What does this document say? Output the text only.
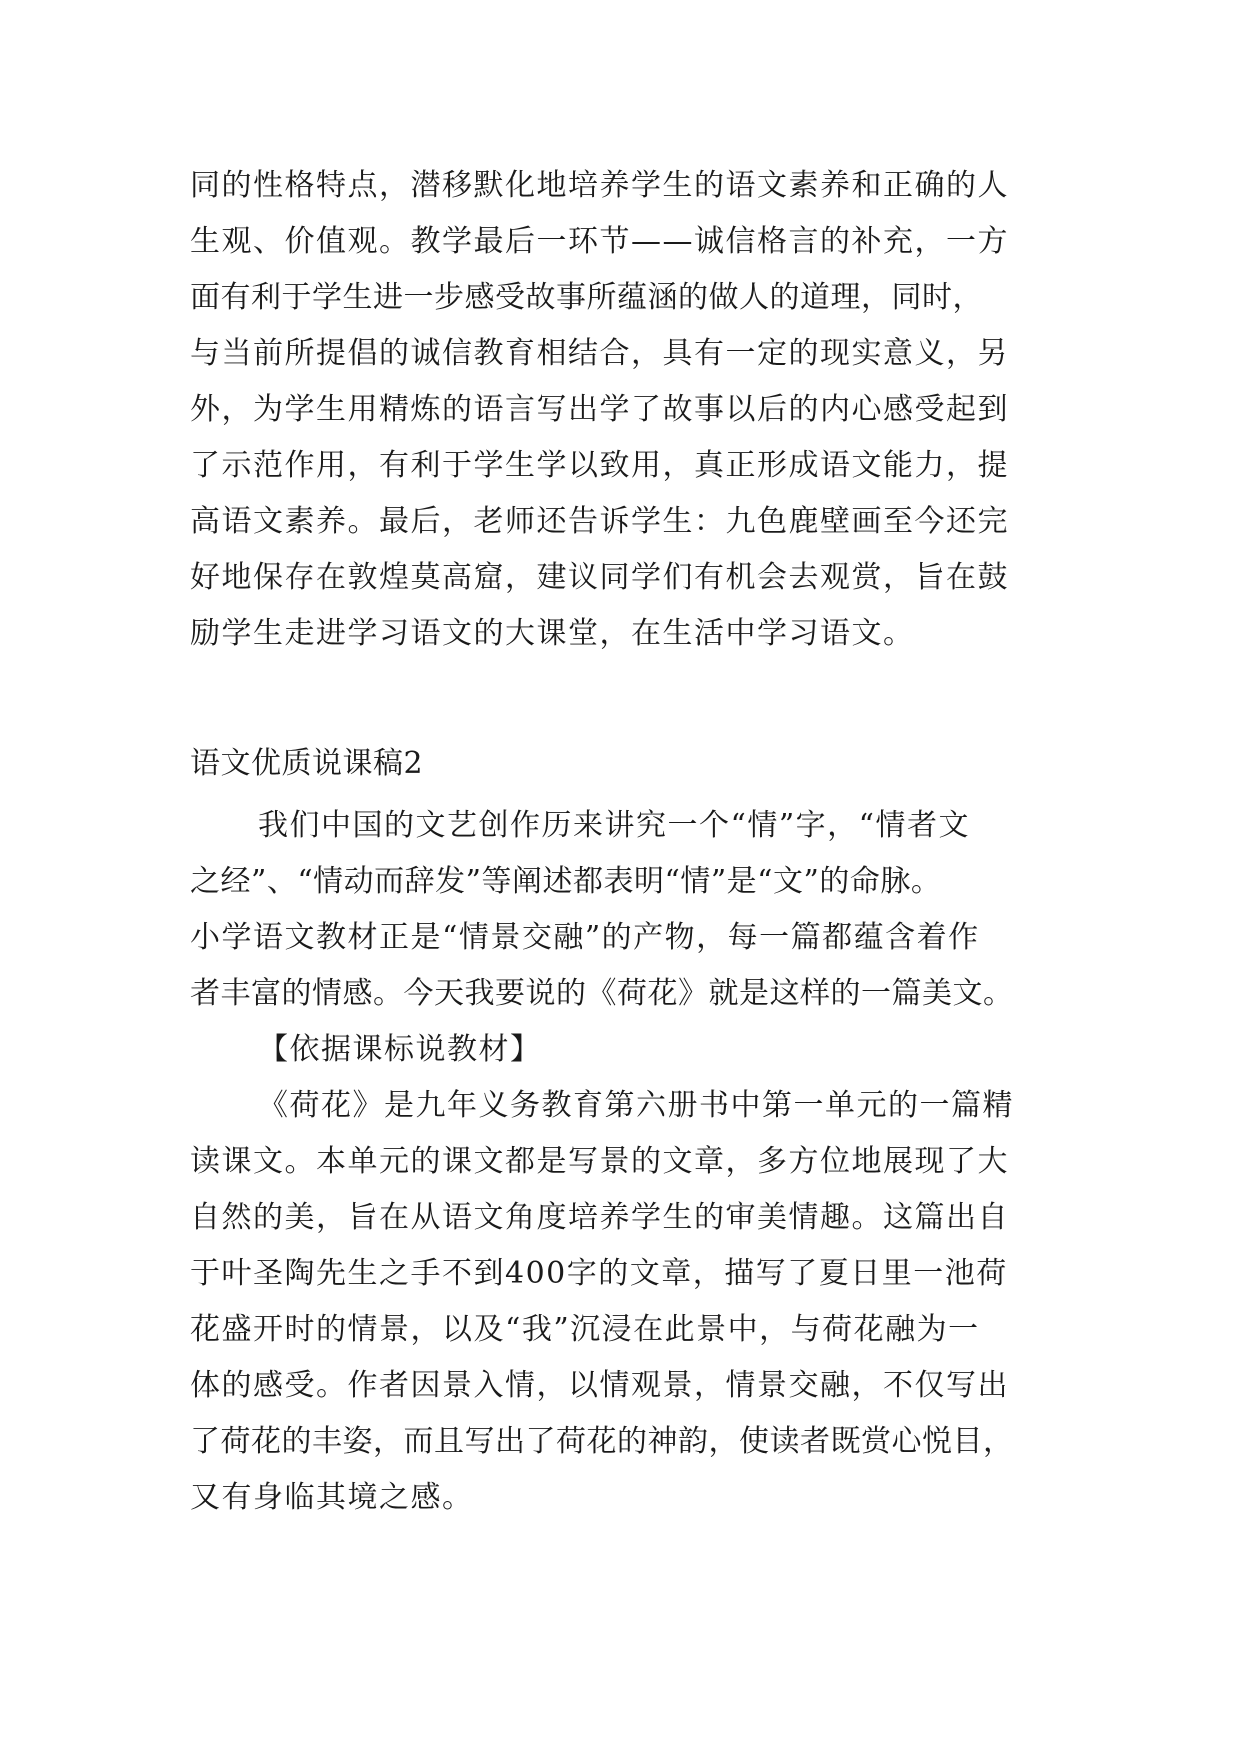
同的性格特点，潜移默化地培养学生的语文素养和正确的人
生观、价值观。教学最后一环节——诚信格言的补充，一方
面有利于学生进一步感受故事所蕴涵的做人的道理，同时，
与当前所提倡的诚信教育相结合，具有一定的现实意义，另
外，为学生用精炼的语言写出学了故事以后的内心感受起到
了示范作用，有利于学生学以致用，真正形成语文能力，提
高语文素养。最后，老师还告诉学生：九色鹿壁画至今还完
好地保存在敦煌莫高窟，建议同学们有机会去观赏，旨在鼓
励学生走进学习语文的大课堂，在生活中学习语文。
语文优质说课稿2
我们中国的文艺创作历来讲究一个“情”字，“情者文
之经”、“情动而辞发”等阐述都表明“情”是“文”的命脉。
小学语文教材正是“情景交融”的产物，每一篇都蕴含着作
者丰富的情感。今天我要说的《荷花》就是这样的一篇美文。
【依据课标说教材】
《荷花》是九年义务教育第六册书中第一单元的一篇精
读课文。本单元的课文都是写景的文章，多方位地展现了大
自然的美，旨在从语文角度培养学生的审美情趣。这篇出自
于叶圣陶先生之手不到400字的文章，描写了夏日里一池荷
花盛开时的情景，以及“我”沉浸在此景中，与荷花融为一
体的感受。作者因景入情，以情观景，情景交融，不仅写出
了荷花的丰姿，而且写出了荷花的神韵，使读者既赏心悦目，
又有身临其境之感。
